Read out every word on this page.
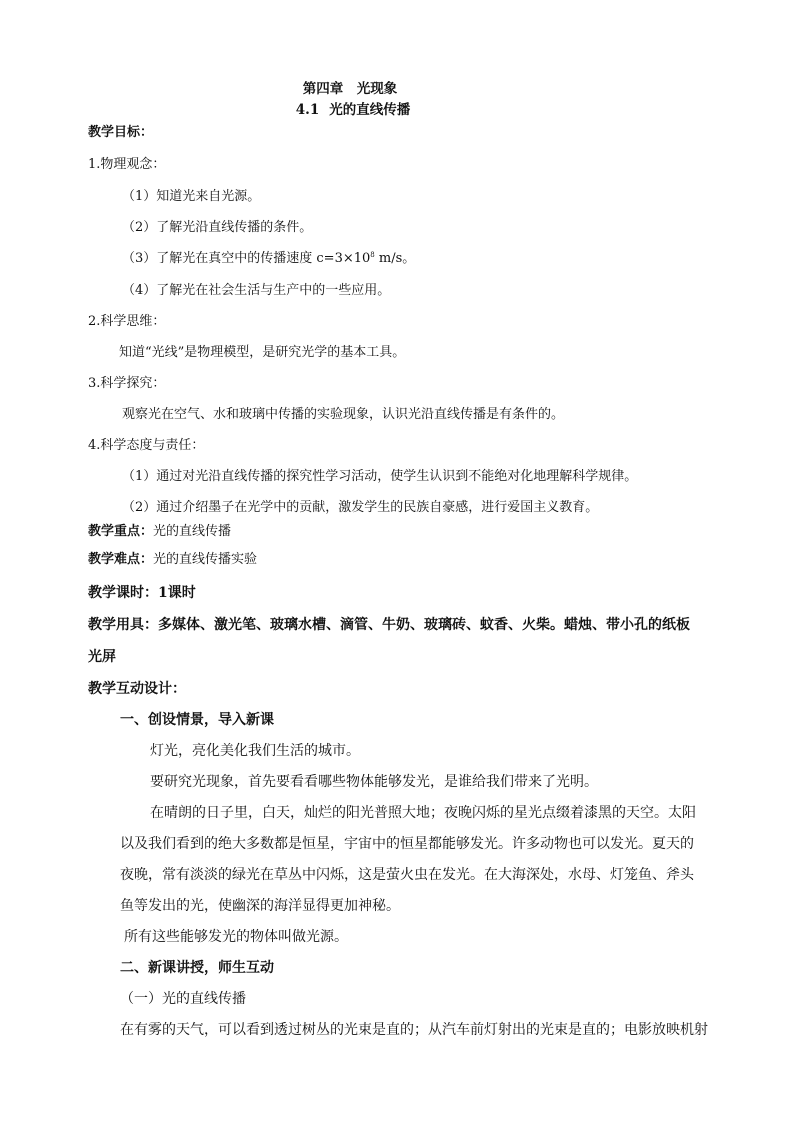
第四章　光现象
4.1 光的直线传播
教学目标：
1.物理观念：
（1）知道光来自光源。
（2）了解光沿直线传播的条件。
（3）了解光在真空中的传播速度 $c=3\times 10^8$ m/s。
（4）了解光在社会生活与生产中的一些应用。
2.科学思维：
知道“光线”是物理模型，是研究光学的基本工具。
3.科学探究：
观察光在空气、水和玻璃中传播的实验现象，认识光沿直线传播是有条件的。
4.科学态度与责任：
（1）通过对光沿直线传播的探究性学习活动，使学生认识到不能绝对化地理解科学规律。
（2）通过介绍墨子在光学中的贡献，激发学生的民族自豪感，进行爱国主义教育。
教学重点：光的直线传播
教学难点：光的直线传播实验
教学课时：1课时
教学用具：多媒体、激光笔、玻璃水槽、滴管、牛奶、玻璃砖、蚊香、火柴。蜡烛、带小孔的纸板
光屏
教学互动设计：
一、创设情景，导入新课
灯光，亮化美化我们生活的城市。
要研究光现象，首先要看看哪些物体能够发光，是谁给我们带来了光明。
在晴朗的日子里，白天，灿烂的阳光普照大地；夜晚闪烁的星光点缀着漆黑的天空。太阳
以及我们看到的绝大多数都是恒星，宇宙中的恒星都能够发光。许多动物也可以发光。夏天的
夜晚，常有淡淡的绿光在草丛中闪烁，这是萤火虫在发光。在大海深处，水母、灯笼鱼、斧头
鱼等发出的光，使幽深的海洋显得更加神秘。
所有这些能够发光的物体叫做光源。
二、新课讲授，师生互动
（一）光的直线传播
在有雾的天气，可以看到透过树丛的光束是直的；从汽车前灯射出的光束是直的；电影放映机射
